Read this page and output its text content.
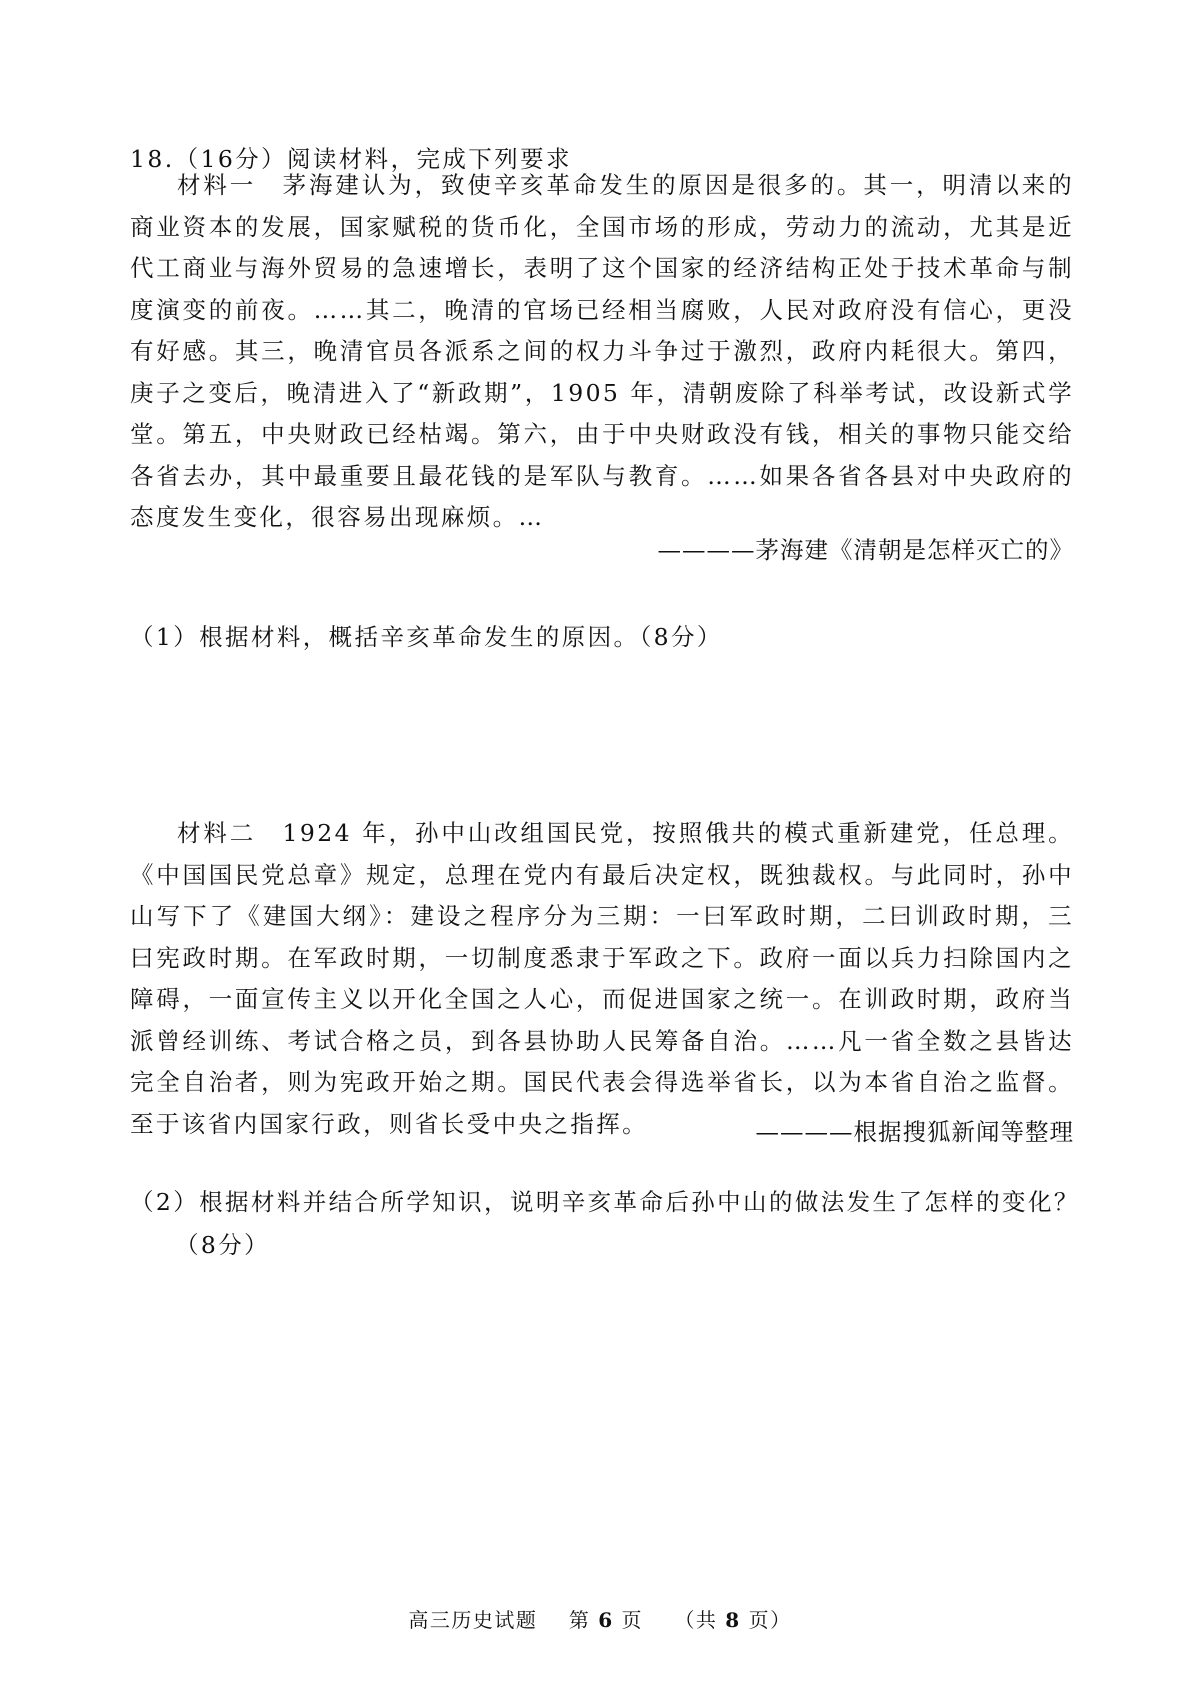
18.（16分）阅读材料，完成下列要求

材料一　茅海建认为，致使辛亥革命发生的原因是很多的。其一，明清以来的商业资本的发展，国家赋税的货币化，全国市场的形成，劳动力的流动，尤其是近代工商业与海外贸易的急速增长，表明了这个国家的经济结构正处于技术革命与制度演变的前夜。……其二，晚清的官场已经相当腐败，人民对政府没有信心，更没有好感。其三，晚清官员各派系之间的权力斗争过于激烈，政府内耗很大。第四，庚子之变后，晚清进入了“新政期”，1905 年，清朝废除了科举考试，改设新式学堂。第五，中央财政已经枯竭。第六，由于中央财政没有钱，相关的事物只能交给各省去办，其中最重要且最花钱的是军队与教育。……如果各省各县对中央政府的态度发生变化，很容易出现麻烦。…

————茅海建《清朝是怎样灭亡的》
（1）根据材料，概括辛亥革命发生的原因。（8分）

材料二　1924 年，孙中山改组国民党，按照俄共的模式重新建党，任总理。《中国国民党总章》规定，总理在党内有最后决定权，既独裁权。与此同时，孙中山写下了《建国大纲》：建设之程序分为三期：一曰军政时期，二曰训政时期，三曰宪政时期。在军政时期，一切制度悉隶于军政之下。政府一面以兵力扫除国内之障碍，一面宣传主义以开化全国之人心，而促进国家之统一。在训政时期，政府当派曾经训练、考试合格之员，到各县协助人民筹备自治。……凡一省全数之县皆达完全自治者，则为宪政开始之期。国民代表会得选举省长，以为本省自治之监督。至于该省内国家行政，则省长受中央之指挥。	————根据搜狐新闻等整理
（2）根据材料并结合所学知识，说明辛亥革命后孙中山的做法发生了怎样的变化？
（8分）
高三历史试题 第 6 页 （共 8 页）
